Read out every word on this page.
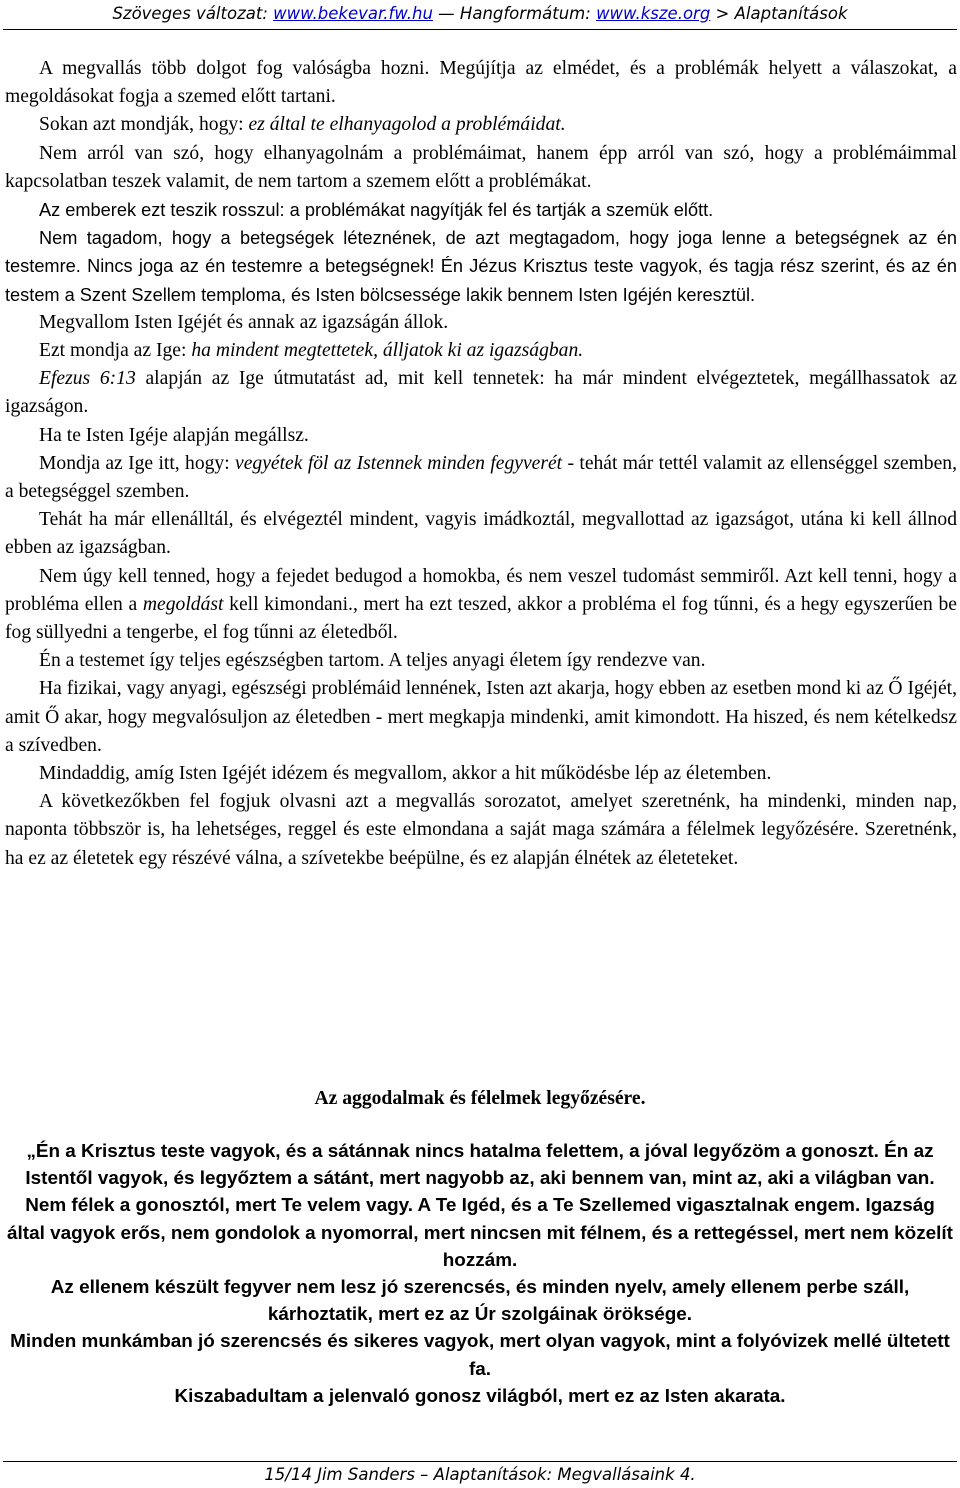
Szöveges változat: www.bekevar.fw.hu — Hangformátum: www.ksze.org > Alaptanítások

A megvallás több dolgot fog valóságba hozni. Megújítja az elmédet, és a problémák helyett a válaszokat, a megoldásokat fogja a szemed előtt tartani.

Sokan azt mondják, hogy: ez által te elhanyagolod a problémáidat.

Nem arról van szó, hogy elhanyagolnám a problémáimat, hanem épp arról van szó, hogy a problémáimmal kapcsolatban teszek valamit, de nem tartom a szemem előtt a problémákat.

Az emberek ezt teszik rosszul: a problémákat nagyítják fel és tartják a szemük előtt.

Nem tagadom, hogy a betegségek léteznének, de azt megtagadom, hogy joga lenne a betegségnek az én testemre. Nincs joga az én testemre a betegségnek! Én Jézus Krisztus teste vagyok, és tagja rész szerint, és az én testem a Szent Szellem temploma, és Isten bölcsessége lakik bennem Isten Igéjén keresztül.

Megvallom Isten Igéjét és annak az igazságán állok.

Ezt mondja az Ige: ha mindent megtettetek, álljatok ki az igazságban.

Efezus 6:13 alapján az Ige útmutatást ad, mit kell tennetek: ha már mindent elvégeztetek, megállhassatok az igazságon.

Ha te Isten Igéje alapján megállsz.

Mondja az Ige itt, hogy: vegyétek föl az Istennek minden fegyverét - tehát már tettél valamit az ellenséggel szemben, a betegséggel szemben.

Tehát ha már ellenálltál, és elvégeztél mindent, vagyis imádkoztál, megvallottad az igazságot, utána ki kell állnod ebben az igazságban.

Nem úgy kell tenned, hogy a fejedet bedugod a homokba, és nem veszel tudomást semmiről. Azt kell tenni, hogy a probléma ellen a megoldást kell kimondani., mert ha ezt teszed, akkor a probléma el fog tűnni, és a hegy egyszerűen be fog süllyedni a tengerbe, el fog tűnni az életedből.

Én a testemet így teljes egészségben tartom. A teljes anyagi életem így rendezve van.

Ha fizikai, vagy anyagi, egészségi problémáid lennének, Isten azt akarja, hogy ebben az esetben mond ki az Ő Igéjét, amit Ő akar, hogy megvalósuljon az életedben - mert megkapja mindenki, amit kimondott. Ha hiszed, és nem kételkedsz a szívedben.

Mindaddig, amíg Isten Igéjét idézem és megvallom, akkor a hit működésbe lép az életemben.

A következőkben fel fogjuk olvasni azt a megvallás sorozatot, amelyet szeretnénk, ha mindenki, minden nap, naponta többször is, ha lehetséges, reggel és este elmondana a saját maga számára a félelmek legyőzésére. Szeretnénk, ha ez az életetek egy részévé válna, a szívetekbe beépülne, és ez alapján élnétek az életeteket.

Az aggodalmak és félelmek legyőzésére.

„Én a Krisztus teste vagyok, és a sátánnak nincs hatalma felettem, a jóval legyőzöm a gonoszt. Én az Istentől vagyok, és legyőztem a sátánt, mert nagyobb az, aki bennem van, mint az, aki a világban van.

Nem félek a gonosztól, mert Te velem vagy. A Te Igéd, és a Te Szellemed vigasztalnak engem. Igazság által vagyok erős, nem gondolok a nyomorral, mert nincsen mit félnem, és a rettegéssel, mert nem közelít hozzám.

Az ellenem készült fegyver nem lesz jó szerencsés, és minden nyelv, amely ellenem perbe száll, kárhoztatik, mert ez az Úr szolgáinak öröksége.

Minden munkámban jó szerencsés és sikeres vagyok, mert olyan vagyok, mint a folyóvizek mellé ültetett fa.

Kiszabadultam a jelenvaló gonosz világból, mert ez az Isten akarata.

15/14 Jim Sanders – Alaptanítások: Megvallásaink 4.
